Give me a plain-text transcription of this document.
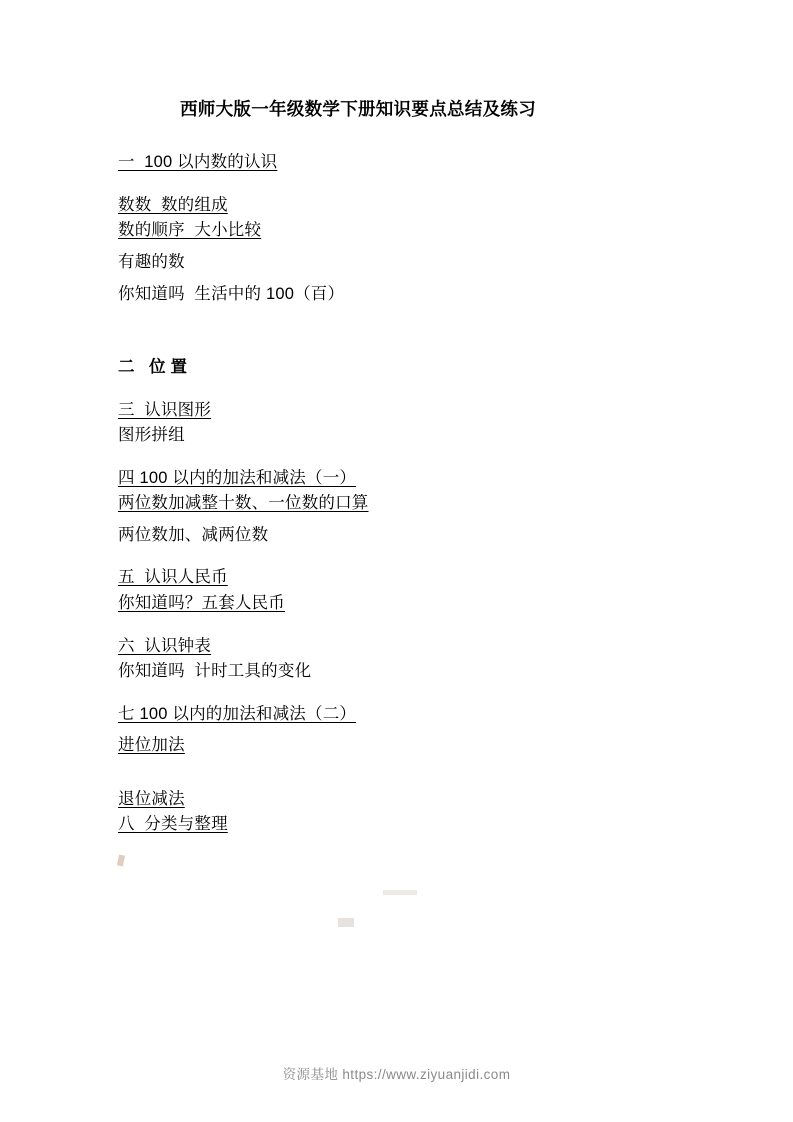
西师大版一年级数学下册知识要点总结及练习
一  100 以内数的认识
数数  数的组成
数的顺序  大小比较
有趣的数
你知道吗  生活中的 100（百）
二   位 置
三  认识图形
图形拼组
四 100 以内的加法和减法（一）
两位数加减整十数、一位数的口算
两位数加、减两位数
五  认识人民币
你知道吗？五套人民币
六  认识钟表
你知道吗  计时工具的变化
七 100 以内的加法和减法（二）
进位加法
退位减法
八  分类与整理
资源基地 https://www.ziyuanjidi.com
